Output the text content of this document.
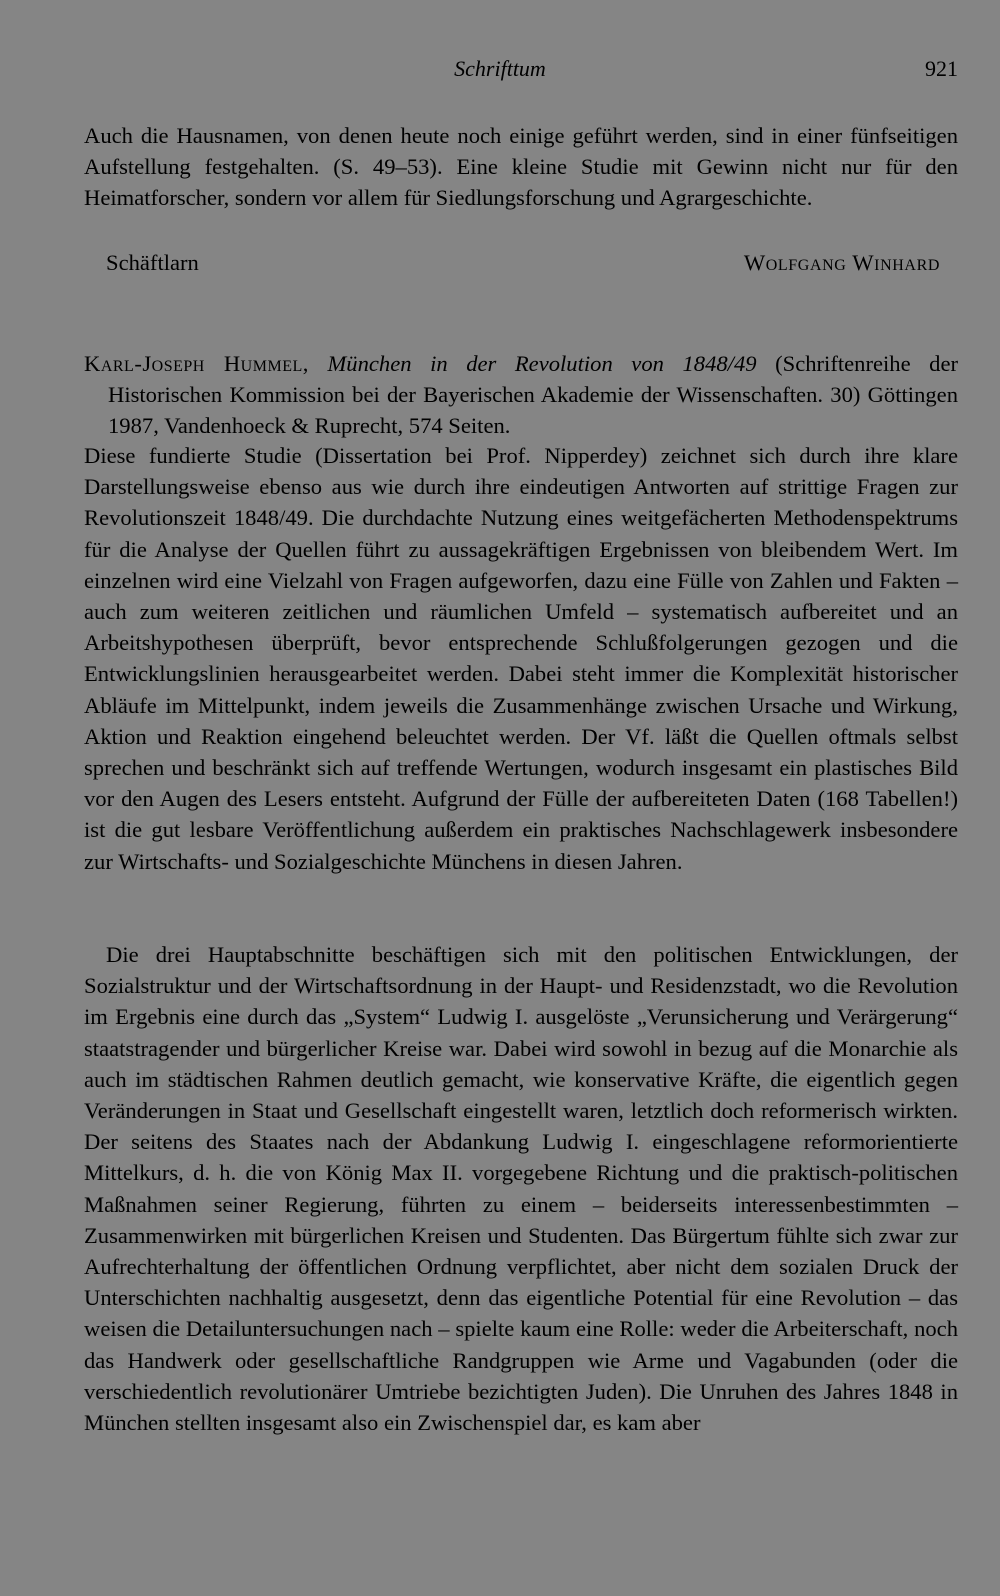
Schrifttum	921

Auch die Hausnamen, von denen heute noch einige geführt werden, sind in einer fünfseitigen Aufstellung festgehalten. (S. 49–53). Eine kleine Studie mit Gewinn nicht nur für den Heimatforscher, sondern vor allem für Siedlungsforschung und Agrargeschichte.

Schäftlarn	Wolfgang Winhard

Karl-Joseph Hummel, München in der Revolution von 1848/49 (Schriftenreihe der Historischen Kommission bei der Bayerischen Akademie der Wissenschaften. 30) Göttingen 1987, Vandenhoeck & Ruprecht, 574 Seiten.

Diese fundierte Studie (Dissertation bei Prof. Nipperdey) zeichnet sich durch ihre klare Darstellungsweise ebenso aus wie durch ihre eindeutigen Antworten auf strittige Fragen zur Revolutionszeit 1848/49. Die durchdachte Nutzung eines weitgefächerten Methodenspektrums für die Analyse der Quellen führt zu aussagekräftigen Ergebnissen von bleibendem Wert. Im einzelnen wird eine Vielzahl von Fragen aufgeworfen, dazu eine Fülle von Zahlen und Fakten – auch zum weiteren zeitlichen und räumlichen Umfeld – systematisch aufbereitet und an Arbeitshypothesen überprüft, bevor entsprechende Schlußfolgerungen gezogen und die Entwicklungslinien herausgearbeitet werden. Dabei steht immer die Komplexität historischer Abläufe im Mittelpunkt, indem jeweils die Zusammenhänge zwischen Ursache und Wirkung, Aktion und Reaktion eingehend beleuchtet werden. Der Vf. läßt die Quellen oftmals selbst sprechen und beschränkt sich auf treffende Wertungen, wodurch insgesamt ein plastisches Bild vor den Augen des Lesers entsteht. Aufgrund der Fülle der aufbereiteten Daten (168 Tabellen!) ist die gut lesbare Veröffentlichung außerdem ein praktisches Nachschlagewerk insbesondere zur Wirtschafts- und Sozialgeschichte Münchens in diesen Jahren.

Die drei Hauptabschnitte beschäftigen sich mit den politischen Entwicklungen, der Sozialstruktur und der Wirtschaftsordnung in der Haupt- und Residenzstadt, wo die Revolution im Ergebnis eine durch das „System“ Ludwig I. ausgelöste „Verunsicherung und Verärgerung“ staatstragender und bürgerlicher Kreise war. Dabei wird sowohl in bezug auf die Monarchie als auch im städtischen Rahmen deutlich gemacht, wie konservative Kräfte, die eigentlich gegen Veränderungen in Staat und Gesellschaft eingestellt waren, letztlich doch reformerisch wirkten. Der seitens des Staates nach der Abdankung Ludwig I. eingeschlagene reformorientierte Mittelkurs, d. h. die von König Max II. vorgegebene Richtung und die praktisch-politischen Maßnahmen seiner Regierung, führten zu einem – beiderseits interessenbestimmten – Zusammenwirken mit bürgerlichen Kreisen und Studenten. Das Bürgertum fühlte sich zwar zur Aufrechterhaltung der öffentlichen Ordnung verpflichtet, aber nicht dem sozialen Druck der Unterschichten nachhaltig ausgesetzt, denn das eigentliche Potential für eine Revolution – das weisen die Detailuntersuchungen nach – spielte kaum eine Rolle: weder die Arbeiterschaft, noch das Handwerk oder gesellschaftliche Randgruppen wie Arme und Vagabunden (oder die verschiedentlich revolutionärer Umtriebe bezichtigten Juden). Die Unruhen des Jahres 1848 in München stellten insgesamt also ein Zwischenspiel dar, es kam aber
